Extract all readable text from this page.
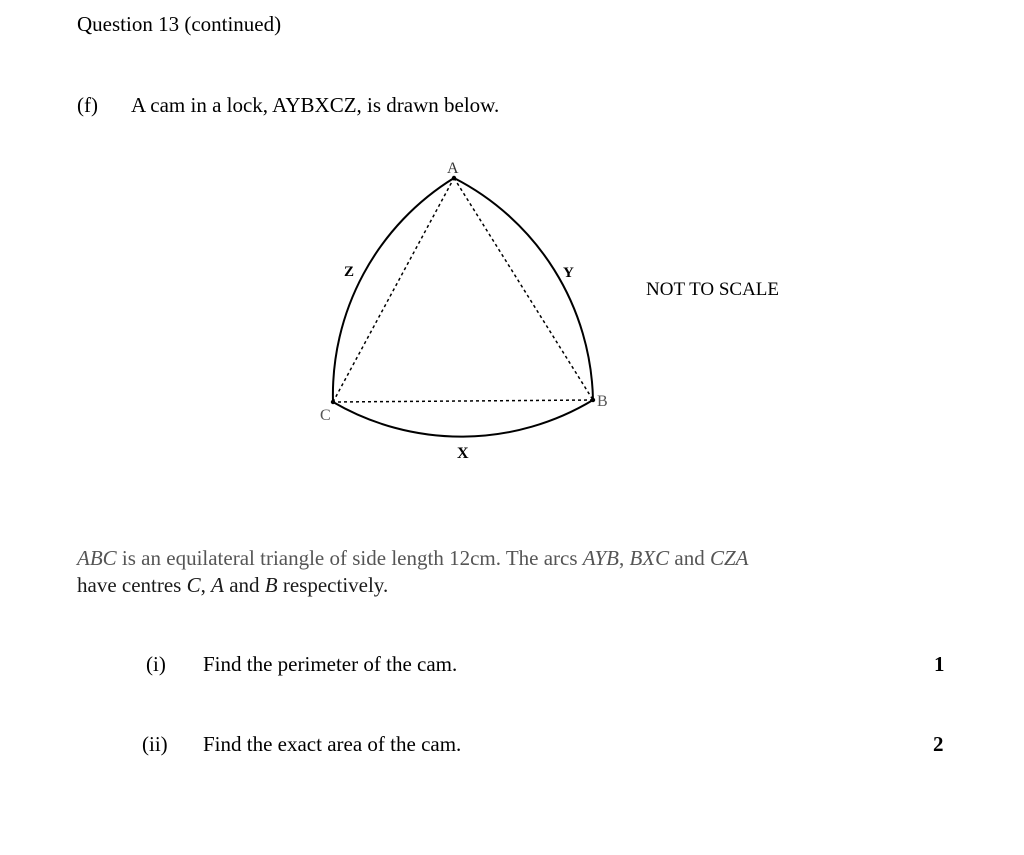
Question 13 (continued)
(f) A cam in a lock, AYBXCZ, is drawn below.
A
B
C
X
Y
Z
NOT TO SCALE
ABC is an equilateral triangle of side length 12cm. The arcs AYB, BXC and CZA
have centres C, A and B respectively.
(i) Find the perimeter of the cam.	1
(ii) Find the exact area of the cam.	2
